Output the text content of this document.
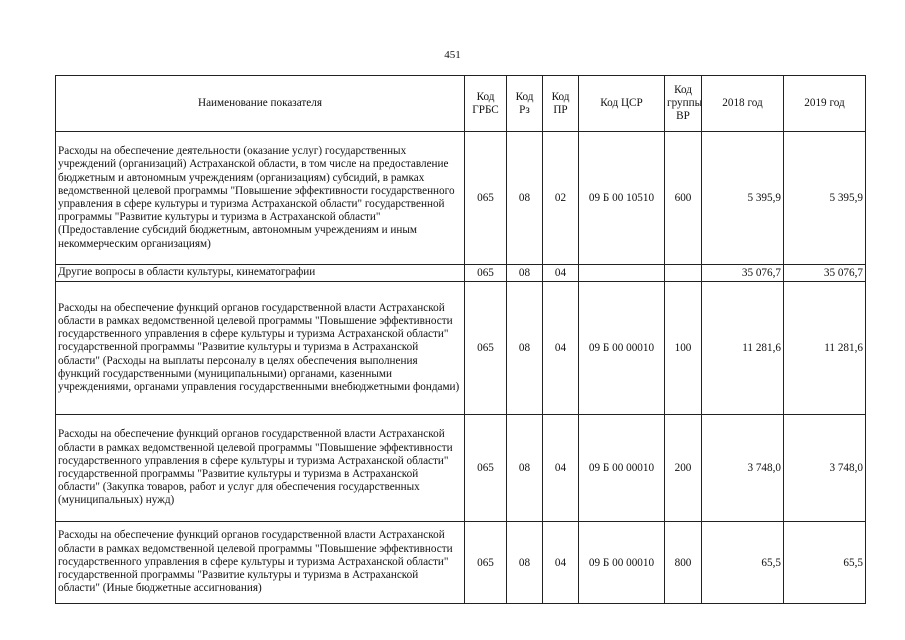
451
Наименование показателя	Код ГРБС	Код Рз	Код ПР	Код ЦСР	Код группы ВР	2018 год	2019 год
Расходы на обеспечение деятельности (оказание услуг) государственных учреждений (организаций) Астраханской области, в том числе на предоставление бюджетным и автономным учреждениям (организациям) субсидий, в рамках ведомственной целевой программы "Повышение эффективности государственного управления в сфере культуры и туризма Астраханской области" государственной программы "Развитие культуры и туризма в Астраханской области" (Предоставление субсидий бюджетным, автономным учреждениям и иным некоммерческим организациям)	065	08	02	09 Б 00 10510	600	5 395,9	5 395,9
Другие вопросы в области культуры, кинематографии	065	08	04			35 076,7	35 076,7
Расходы на обеспечение функций органов государственной власти Астраханской области в рамках ведомственной целевой программы "Повышение эффективности государственного управления в сфере культуры и туризма Астраханской области" государственной программы "Развитие культуры и туризма в Астраханской области" (Расходы на выплаты персоналу в целях обеспечения выполнения функций государственными (муниципальными) органами, казенными учреждениями, органами управления государственными внебюджетными фондами)	065	08	04	09 Б 00 00010	100	11 281,6	11 281,6
Расходы на обеспечение функций органов государственной власти Астраханской области в рамках ведомственной целевой программы "Повышение эффективности государственного управления в сфере культуры и туризма Астраханской области" государственной программы "Развитие культуры и туризма в Астраханской области" (Закупка товаров, работ и услуг для обеспечения государственных (муниципальных) нужд)	065	08	04	09 Б 00 00010	200	3 748,0	3 748,0
Расходы на обеспечение функций органов государственной власти Астраханской области в рамках ведомственной целевой программы "Повышение эффективности государственного управления в сфере культуры и туризма Астраханской области" государственной программы "Развитие культуры и туризма в Астраханской области" (Иные бюджетные ассигнования)	065	08	04	09 Б 00 00010	800	65,5	65,5
